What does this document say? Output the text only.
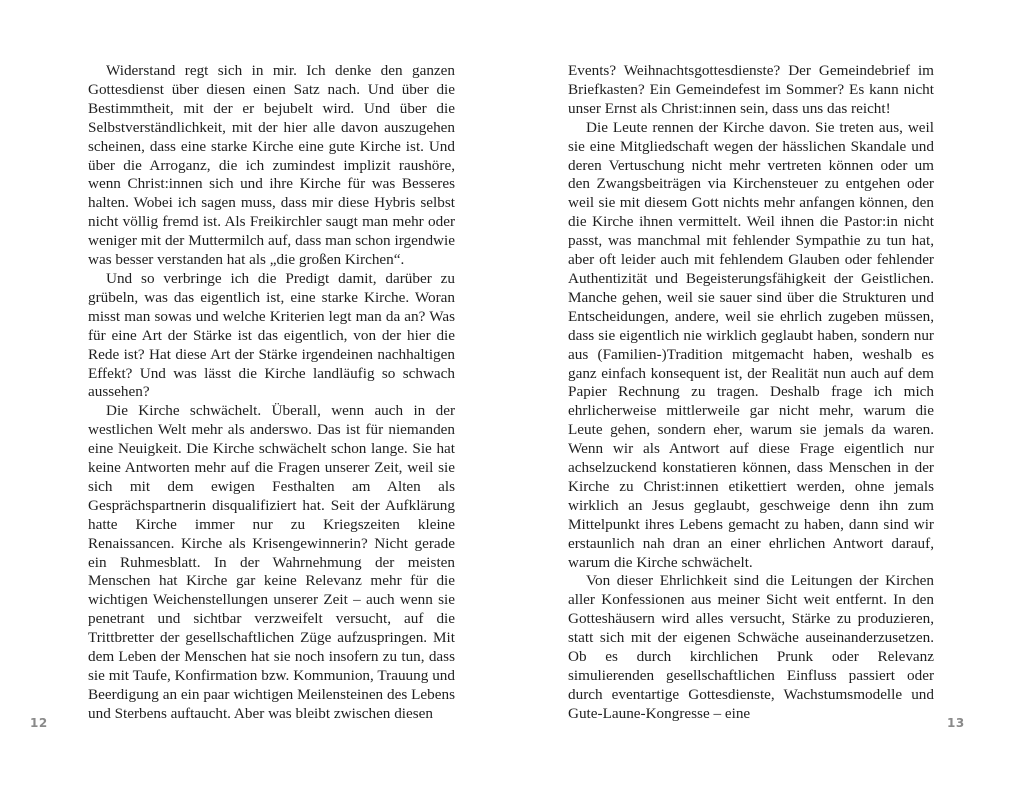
Widerstand regt sich in mir. Ich denke den ganzen Gottesdienst über diesen einen Satz nach. Und über die Bestimmtheit, mit der er bejubelt wird. Und über die Selbstverständlichkeit, mit der hier alle davon auszugehen scheinen, dass eine starke Kirche eine gute Kirche ist. Und über die Arroganz, die ich zumindest implizit raushöre, wenn Christ:innen sich und ihre Kirche für was Besseres halten. Wobei ich sagen muss, dass mir diese Hybris selbst nicht völlig fremd ist. Als Freikirchler saugt man mehr oder weniger mit der Muttermilch auf, dass man schon irgendwie was besser verstanden hat als „die großen Kirchen“.

Und so verbringe ich die Predigt damit, darüber zu grübeln, was das eigentlich ist, eine starke Kirche. Woran misst man sowas und welche Kriterien legt man da an? Was für eine Art der Stärke ist das eigentlich, von der hier die Rede ist? Hat diese Art der Stärke irgendeinen nachhaltigen Effekt? Und was lässt die Kirche landläufig so schwach aussehen?

Die Kirche schwächelt. Überall, wenn auch in der westlichen Welt mehr als anderswo. Das ist für niemanden eine Neuigkeit. Die Kirche schwächelt schon lange. Sie hat keine Antworten mehr auf die Fragen unserer Zeit, weil sie sich mit dem ewigen Festhalten am Alten als Gesprächspartnerin disqualifiziert hat. Seit der Aufklärung hatte Kirche immer nur zu Kriegszeiten kleine Renaissancen. Kirche als Krisengewinnerin? Nicht gerade ein Ruhmesblatt. In der Wahrnehmung der meisten Menschen hat Kirche gar keine Relevanz mehr für die wichtigen Weichenstellungen unserer Zeit – auch wenn sie penetrant und sichtbar verzweifelt versucht, auf die Trittbretter der gesellschaftlichen Züge aufzuspringen. Mit dem Leben der Menschen hat sie noch insofern zu tun, dass sie mit Taufe, Konfirmation bzw. Kommunion, Trauung und Beerdigung an ein paar wichtigen Meilensteinen des Lebens und Sterbens auftaucht. Aber was bleibt zwischen diesen

12

Events? Weihnachtsgottesdienste? Der Gemeindebrief im Briefkasten? Ein Gemeindefest im Sommer? Es kann nicht unser Ernst als Christ:innen sein, dass uns das reicht!

Die Leute rennen der Kirche davon. Sie treten aus, weil sie eine Mitgliedschaft wegen der hässlichen Skandale und deren Vertuschung nicht mehr vertreten können oder um den Zwangsbeiträgen via Kirchensteuer zu entgehen oder weil sie mit diesem Gott nichts mehr anfangen können, den die Kirche ihnen vermittelt. Weil ihnen die Pastor:in nicht passt, was manchmal mit fehlender Sympathie zu tun hat, aber oft leider auch mit fehlendem Glauben oder fehlender Authentizität und Begeisterungsfähigkeit der Geistlichen. Manche gehen, weil sie sauer sind über die Strukturen und Entscheidungen, andere, weil sie ehrlich zugeben müssen, dass sie eigentlich nie wirklich geglaubt haben, sondern nur aus (Familien-)Tradition mitgemacht haben, weshalb es ganz einfach konsequent ist, der Realität nun auch auf dem Papier Rechnung zu tragen. Deshalb frage ich mich ehrlicherweise mittlerweile gar nicht mehr, warum die Leute gehen, sondern eher, warum sie jemals da waren. Wenn wir als Antwort auf diese Frage eigentlich nur achselzuckend konstatieren können, dass Menschen in der Kirche zu Christ:innen etikettiert werden, ohne jemals wirklich an Jesus geglaubt, geschweige denn ihn zum Mittelpunkt ihres Lebens gemacht zu haben, dann sind wir erstaunlich nah dran an einer ehrlichen Antwort darauf, warum die Kirche schwächelt.

Von dieser Ehrlichkeit sind die Leitungen der Kirchen aller Konfessionen aus meiner Sicht weit entfernt. In den Gotteshäusern wird alles versucht, Stärke zu produzieren, statt sich mit der eigenen Schwäche auseinanderzusetzen. Ob es durch kirchlichen Prunk oder Relevanz simulierenden gesellschaftlichen Einfluss passiert oder durch eventartige Gottesdienste, Wachstumsmodelle und Gute-Laune-Kongresse – eine

13
